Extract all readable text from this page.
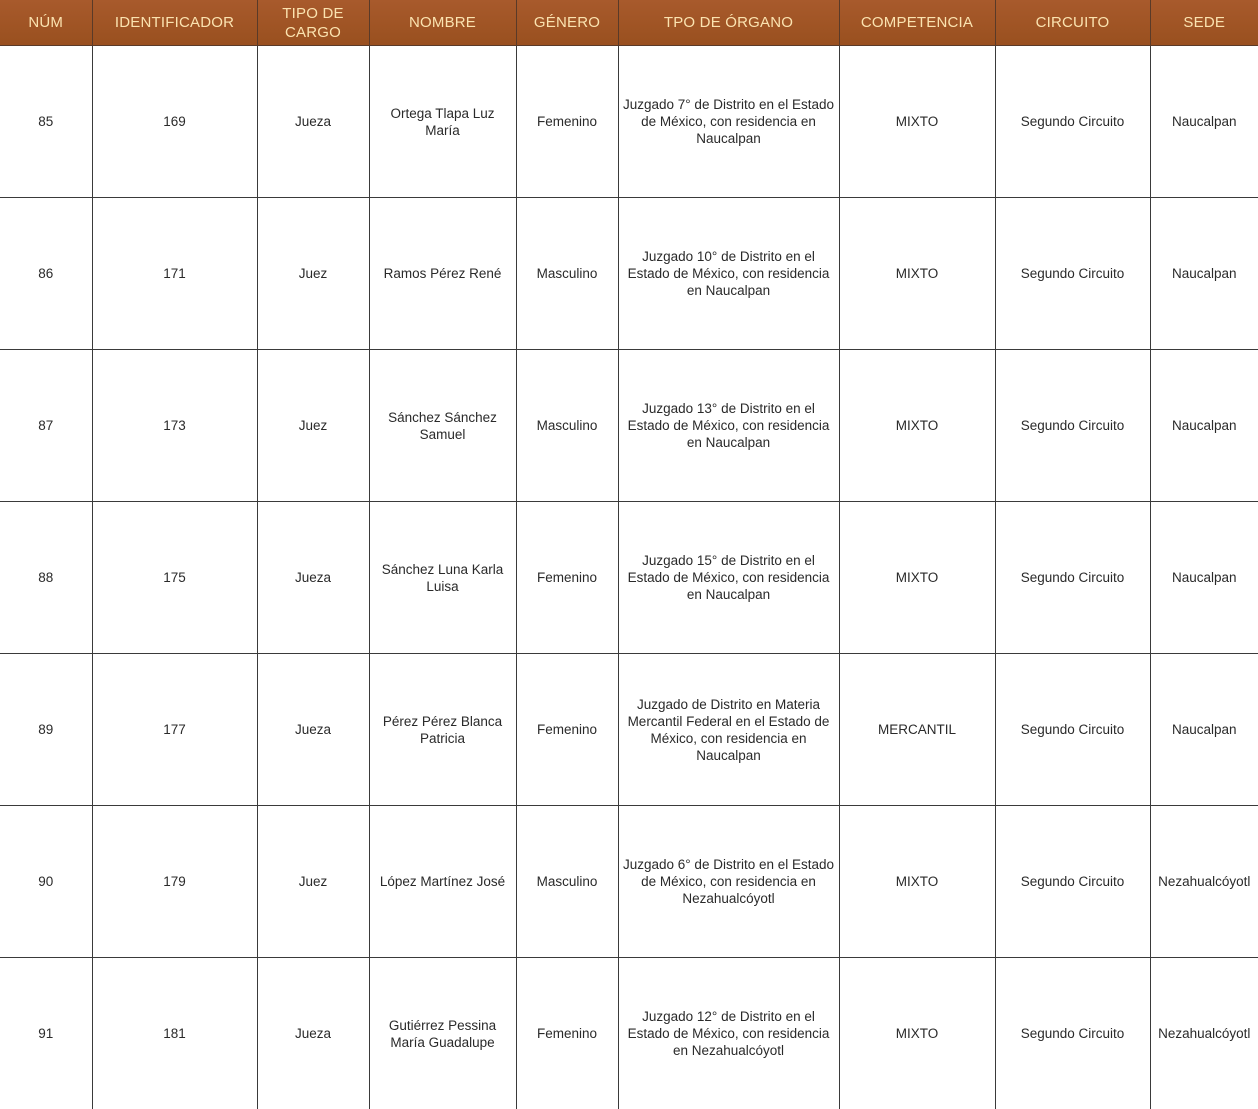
NÚM	IDENTIFICADOR	TIPO DE CARGO	NOMBRE	GÉNERO	TPO DE ÓRGANO	COMPETENCIA	CIRCUITO	SEDE
85	169	Jueza	Ortega Tlapa Luz María	Femenino	Juzgado 7° de Distrito en el Estado de México, con residencia en Naucalpan	MIXTO	Segundo Circuito	Naucalpan
86	171	Juez	Ramos Pérez René	Masculino	Juzgado 10° de Distrito en el Estado de México, con residencia en Naucalpan	MIXTO	Segundo Circuito	Naucalpan
87	173	Juez	Sánchez Sánchez Samuel	Masculino	Juzgado 13° de Distrito en el Estado de México, con residencia en Naucalpan	MIXTO	Segundo Circuito	Naucalpan
88	175	Jueza	Sánchez Luna Karla Luisa	Femenino	Juzgado 15° de Distrito en el Estado de México, con residencia en Naucalpan	MIXTO	Segundo Circuito	Naucalpan
89	177	Jueza	Pérez Pérez Blanca Patricia	Femenino	Juzgado de Distrito en Materia Mercantil Federal en el Estado de México, con residencia en Naucalpan	MERCANTIL	Segundo Circuito	Naucalpan
90	179	Juez	López Martínez José	Masculino	Juzgado 6° de Distrito en el Estado de México, con residencia en Nezahualcóyotl	MIXTO	Segundo Circuito	Nezahualcóyotl
91	181	Jueza	Gutiérrez Pessina María Guadalupe	Femenino	Juzgado 12° de Distrito en el Estado de México, con residencia en Nezahualcóyotl	MIXTO	Segundo Circuito	Nezahualcóyotl
